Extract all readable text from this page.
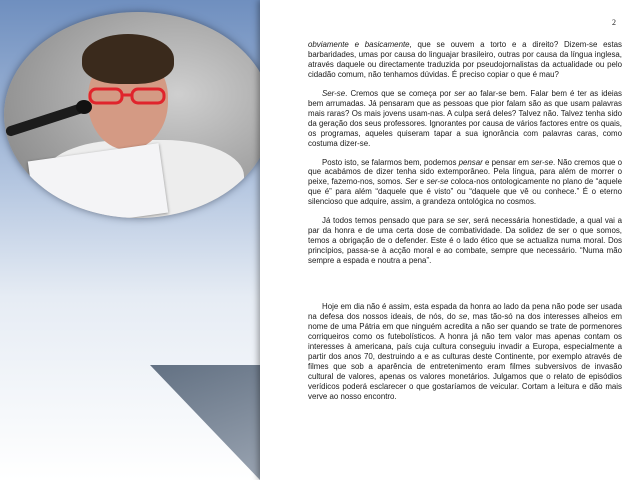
2

obviamente e basicamente, que se ouvem a torto e a direito? Dizem-se estas barbaridades, umas por causa do linguajar brasileiro, outras por causa da língua inglesa, através daquele ou directamente traduzida por pseudojornalistas da actualidade ou pelo cidadão comum, não tenhamos dúvidas. É preciso copiar o que é mau?

Ser-se. Cremos que se começa por ser ao falar-se bem. Falar bem é ter as ideias bem arrumadas. Já pensaram que as pessoas que pior falam são as que usam palavras mais raras? Os mais jovens usam-nas. A culpa será deles? Talvez não. Talvez tenha sido da geração dos seus professores. Ignorantes por causa de vários factores entre os quais, os programas, aqueles quiseram tapar a sua ignorância com palavras caras, como costuma dizer-se.

Posto isto, se falarmos bem, podemos pensar e pensar em ser-se. Não cremos que o que acabámos de dizer tenha sido extemporâneo. Pela língua, para além de morrer o peixe, fazemo-nos, somos. Ser e ser-se coloca-nos ontologicamente no plano de “aquele que é” para além “daquele que é visto” ou “daquele que vê ou conhece.” É o eterno silencioso que adquire, assim, a grandeza ontológica no cosmos.

Já todos temos pensado que para se ser, será necessária honestidade, a qual vai a par da honra e de uma certa dose de combatividade. Da solidez de ser o que somos, temos a obrigação de o defender. Este é o lado ético que se actualiza numa moral. Dos princípios, passa-se à acção moral e ao combate, sempre que necessário. “Numa mão sempre a espada e noutra a pena”.

Hoje em dia não é assim, esta espada da honra ao lado da pena não pode ser usada na defesa dos nossos ideais, de nós, do se, mas tão-só na dos interesses alheios em nome de uma Pátria em que ninguém acredita a não ser quando se trate de pormenores corriqueiros como os futebolísticos. A honra já não tem valor mas apenas contam os interesses à americana, país cuja cultura conseguiu invadir a Europa, especialmente a partir dos anos 70, destruindo a e as culturas deste Continente, por exemplo através de filmes que sob a aparência de entretenimento eram filmes subversivos de invasão cultural de valores, apenas os valores monetários. Julgamos que o relato de episódios verídicos poderá esclarecer o que gostaríamos de veicular. Cortam a leitura e dão mais verve ao nosso encontro.
